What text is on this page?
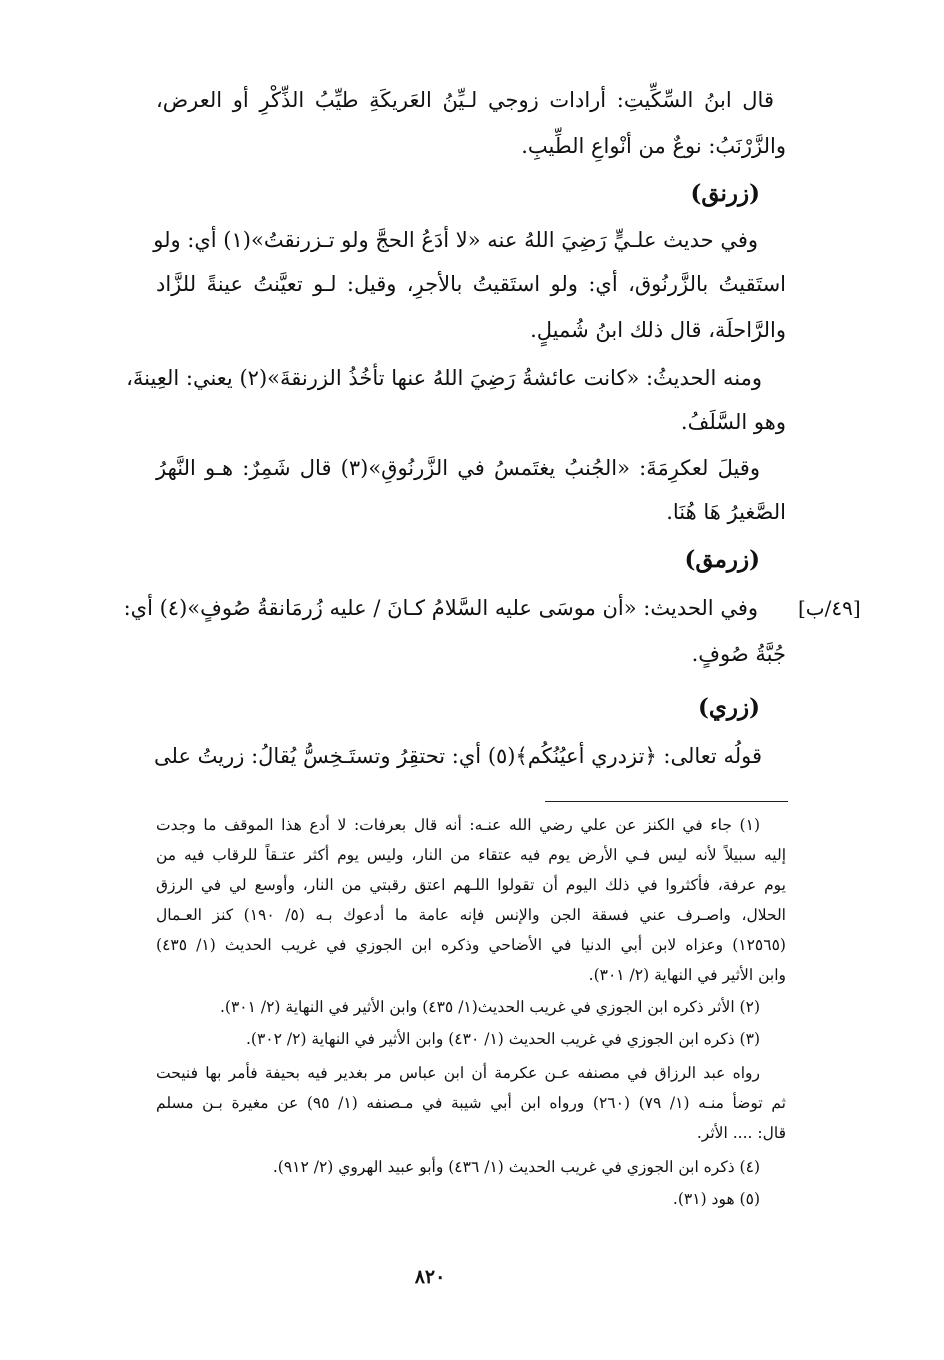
قال ابنُ السِّكِّيتِ: أرادات زوجي لـيِّنُ العَريكَةِ طيِّبُ الذِّكْرِ أو العرض،
والزَّرْنَبُ: نوعٌ من أنْواعِ الطِّيبِ.
(زرنق)
وفي حديث علـيٍّ رَضِيَ اللهُ عنه «لا أدَعُ الحجَّ ولو تـزرنقتُ»(١) أي: ولو
استَقيتُ بالزَّرنُوق، أي: ولو استَقيتُ بالأجرِ، وقيل: لـو تعيَّنتُ عينةً للزَّاد
والرَّاحلَة، قال ذلك ابنُ شُميلٍ.
ومنه الحديثُ: «كانت عائشةُ رَضِيَ اللهُ عنها تأخُذُ الزرنقةَ»(٢) يعني: العِينةَ،
وهو السَّلَفُ.
وقيلَ لعكرِمَةَ: «الجُنبُ يغتَمسُ في الزَّرنُوقِ»(٣) قال شَمِرٌ: هـو النَّهرُ
الصَّغيرُ هَا هُنَا.
(زرمق)
[٤٩/ب]
وفي الحديث: «أن موسَى عليه السَّلامُ كـانَ / عليه زُرمَانقةُ صُوفٍ»(٤) أي:
جُبَّةُ صُوفٍ.
(زري)
قولُه تعالى: ﴿تزدري أعيُنُكُم﴾(٥) أي: تحتقِرُ وتستَـخِسُّ يُقالُ: زريتُ على
(١) جاء في الكنز عن علي رضي الله عنـه: أنه قال بعرفات: لا أدع هذا الموقف ما وجدت
إليه سبيلاً لأنه ليس فـي الأرض يوم فيه عتقاء من النار، وليس يوم أكثر عتـقاً للرقاب فيه من
يوم عرفة، فأكثروا في ذلك اليوم أن تقولوا اللـهم اعتق رقبتي من النار، وأوسع لي في الرزق
الحلال، واصـرف عني فسقة الجن والإنس فإنه عامة ما أدعوك بـه (٥/ ١٩٠) كنز العـمال
(١٢٥٦٥) وعزاه لابن أبي الدنيا في الأضاحي وذكره ابن الجوزي في غريب الحديث (١/ ٤٣٥)
وابن الأثير في النهاية (٢/ ٣٠١).
(٢) الأثر ذكره ابن الجوزي في غريب الحديث(١/ ٤٣٥) وابن الأثير في النهاية (٢/ ٣٠١).
(٣) ذكره ابن الجوزي في غريب الحديث (١/ ٤٣٠) وابن الأثير في النهاية (٢/ ٣٠٢).
رواه عبد الرزاق في مصنفه عـن عكرمة أن ابن عباس مر بغدير فيه بحيفة فأمر بها فنيحت
ثم توضأ منـه (١/ ٧٩) (٢٦٠) ورواه ابن أبي شيبة في مـصنفه (١/ ٩٥) عن مغيرة بـن مسلم
قال: .... الأثر.
(٤) ذكره ابن الجوزي في غريب الحديث (١/ ٤٣٦) وأبو عبيد الهروي (٢/ ٩١٢).
(٥) هود (٣١).
٨٢٠
